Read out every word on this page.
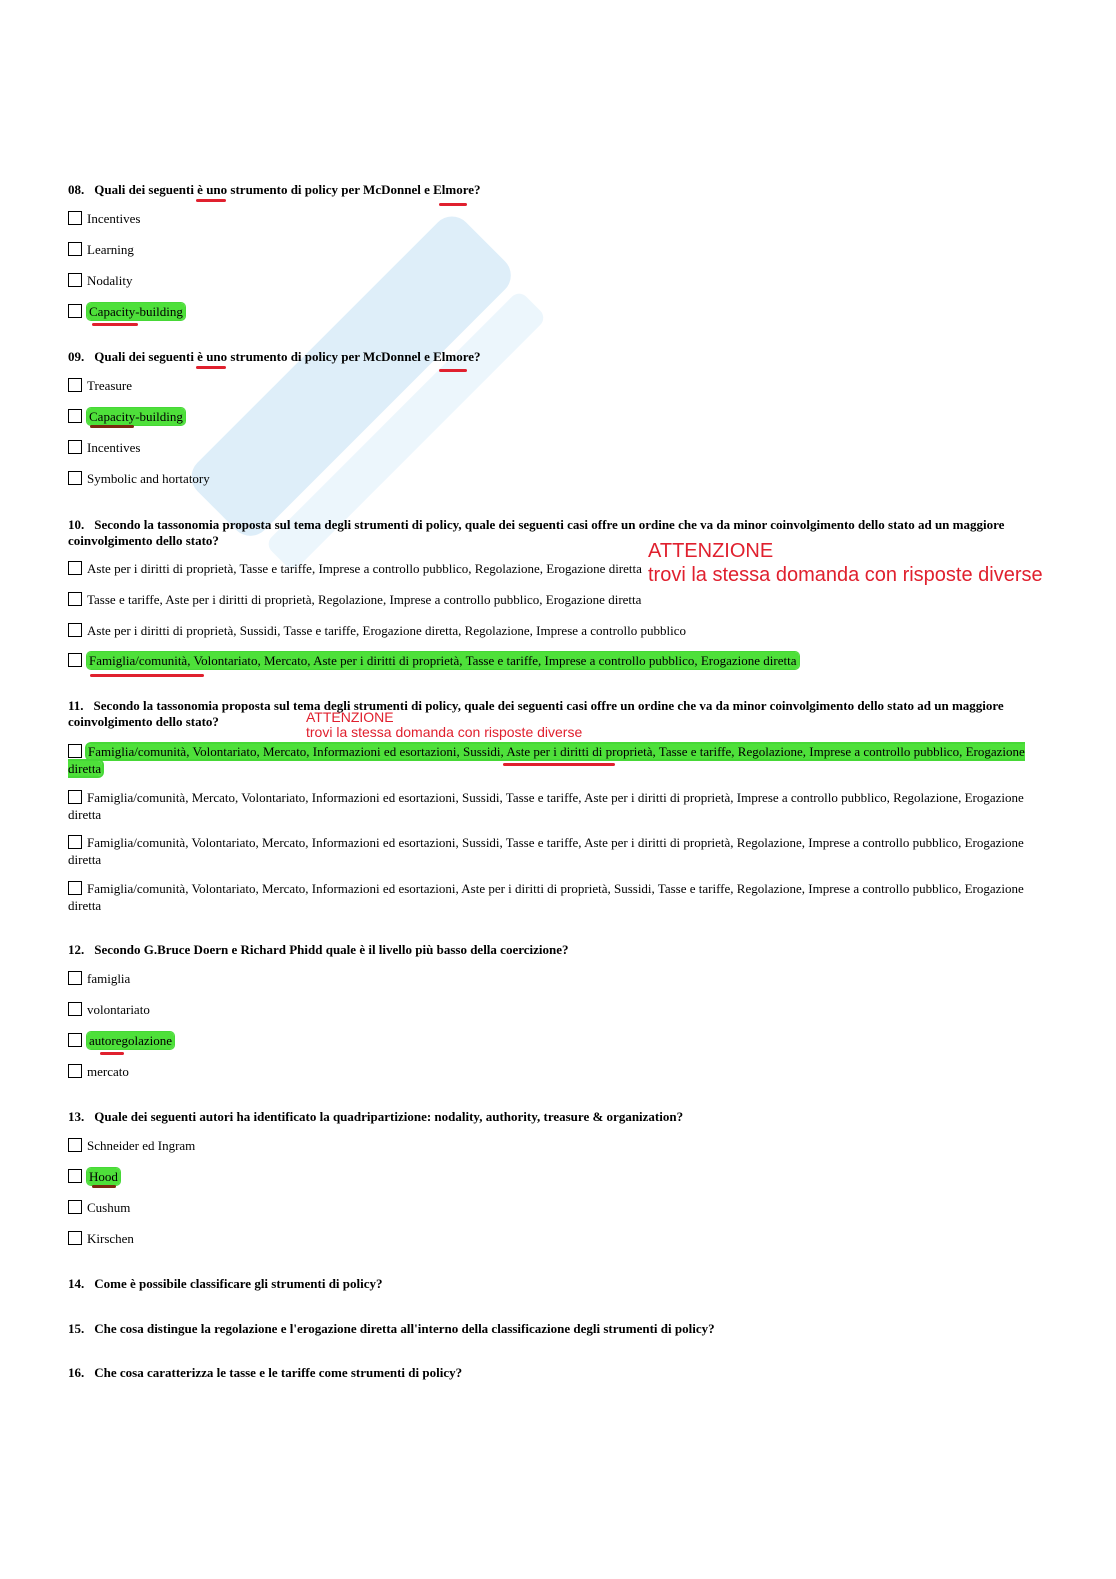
08. Quali dei seguenti è uno strumento di policy per McDonnel e Elmore?
Incentives
Learning
Nodality
Capacity-building
09. Quali dei seguenti è uno strumento di policy per McDonnel e Elmore?
Treasure
Capacity-building
Incentives
Symbolic and hortatory
10. Secondo la tassonomia proposta sul tema degli strumenti di policy, quale dei seguenti casi offre un ordine che va da minor coinvolgimento dello stato ad un maggiore coinvolgimento dello stato?	ATTENZIONE
trovi la stessa domanda con risposte diverse
Aste per i diritti di proprietà, Tasse e tariffe, Imprese a controllo pubblico, Regolazione, Erogazione diretta
Tasse e tariffe, Aste per i diritti di proprietà, Regolazione, Imprese a controllo pubblico, Erogazione diretta
Aste per i diritti di proprietà, Sussidi, Tasse e tariffe, Erogazione diretta, Regolazione, Imprese a controllo pubblico
Famiglia/comunità, Volontariato, Mercato, Aste per i diritti di proprietà, Tasse e tariffe, Imprese a controllo pubblico, Erogazione diretta
11. Secondo la tassonomia proposta sul tema degli strumenti di policy, quale dei seguenti casi offre un ordine che va da minor coinvolgimento dello stato ad un maggiore coinvolgimento dello stato?	ATTENZIONE
trovi la stessa domanda con risposte diverse
Famiglia/comunità, Volontariato, Mercato, Informazioni ed esortazioni, Sussidi, Aste per i diritti di proprietà, Tasse e tariffe, Regolazione, Imprese a controllo pubblico, Erogazione diretta
Famiglia/comunità, Mercato, Volontariato, Informazioni ed esortazioni, Sussidi, Tasse e tariffe, Aste per i diritti di proprietà, Imprese a controllo pubblico, Regolazione, Erogazione diretta
Famiglia/comunità, Volontariato, Mercato, Informazioni ed esortazioni, Sussidi, Tasse e tariffe, Aste per i diritti di proprietà, Regolazione, Imprese a controllo pubblico, Erogazione diretta
Famiglia/comunità, Volontariato, Mercato, Informazioni ed esortazioni, Aste per i diritti di proprietà, Sussidi, Tasse e tariffe, Regolazione, Imprese a controllo pubblico, Erogazione diretta
12. Secondo G.Bruce Doern e Richard Phidd quale è il livello più basso della coercizione?
famiglia
volontariato
autoregolazione
mercato
13. Quale dei seguenti autori ha identificato la quadripartizione: nodality, authority, treasure & organization?
Schneider ed Ingram
Hood
Cushum
Kirschen
14. Come è possibile classificare gli strumenti di policy?
15. Che cosa distingue la regolazione e l'erogazione diretta all'interno della classificazione degli strumenti di policy?
16. Che cosa caratterizza le tasse e le tariffe come strumenti di policy?
